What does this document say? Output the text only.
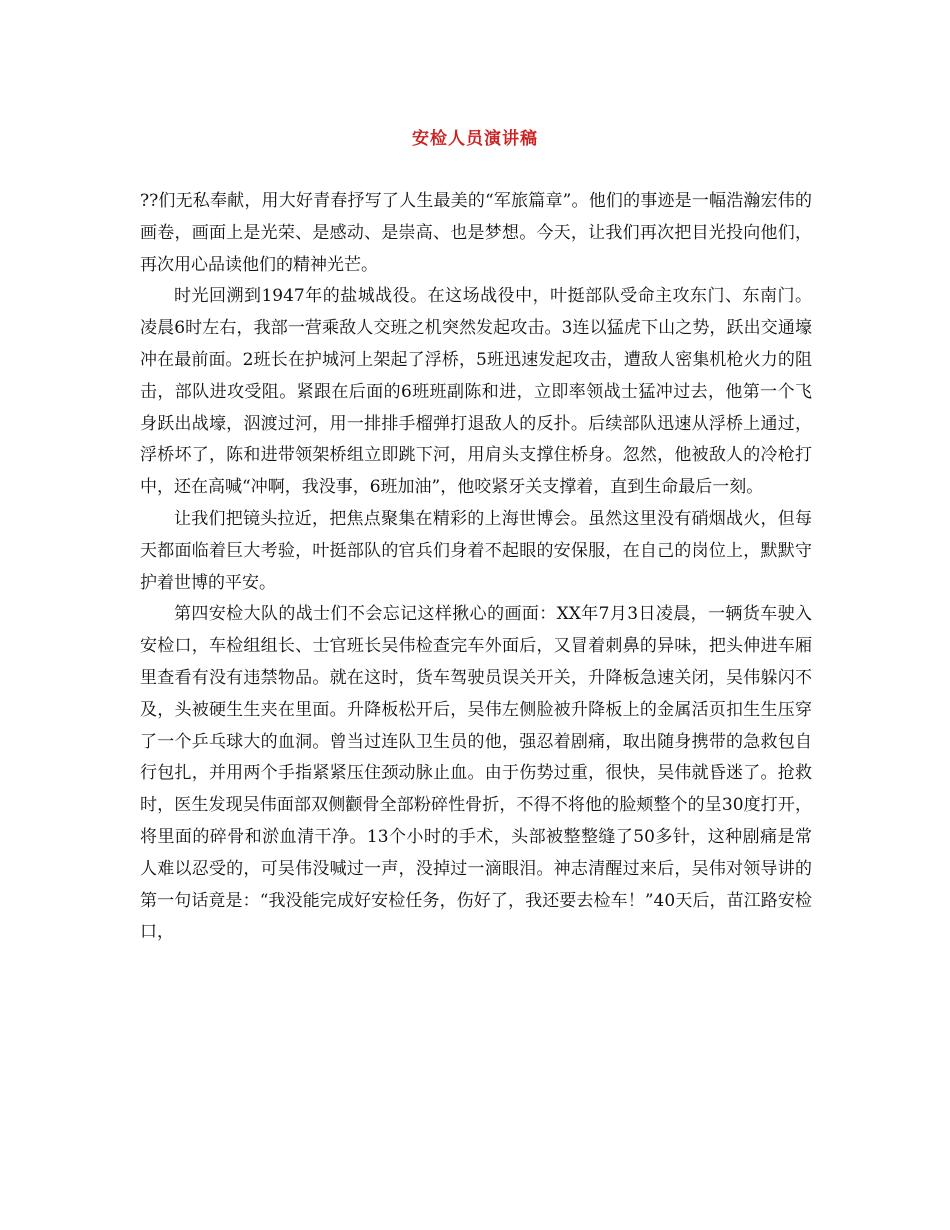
安检人员演讲稿

??们无私奉献，用大好青春抒写了人生最美的“军旅篇章”。他们的事迹是一幅浩瀚宏伟的画卷，画面上是光荣、是感动、是崇高、也是梦想。今天，让我们再次把目光投向他们，再次用心品读他们的精神光芒。

时光回溯到1947年的盐城战役。在这场战役中，叶挺部队受命主攻东门、东南门。凌晨6时左右，我部一营乘敌人交班之机突然发起攻击。3连以猛虎下山之势，跃出交通壕冲在最前面。2班长在护城河上架起了浮桥，5班迅速发起攻击，遭敌人密集机枪火力的阻击，部队进攻受阻。紧跟在后面的6班班副陈和进，立即率领战士猛冲过去，他第一个飞身跃出战壕，泅渡过河，用一排排手榴弹打退敌人的反扑。后续部队迅速从浮桥上通过，浮桥坏了，陈和进带领架桥组立即跳下河，用肩头支撑住桥身。忽然，他被敌人的冷枪打中，还在高喊“冲啊，我没事，6班加油”，他咬紧牙关支撑着，直到生命最后一刻。

让我们把镜头拉近，把焦点聚集在精彩的上海世博会。虽然这里没有硝烟战火，但每天都面临着巨大考验，叶挺部队的官兵们身着不起眼的安保服，在自己的岗位上，默默守护着世博的平安。

第四安检大队的战士们不会忘记这样揪心的画面：XX年7月3日凌晨，一辆货车驶入安检口，车检组组长、士官班长吴伟检查完车外面后，又冒着刺鼻的异味，把头伸进车厢里查看有没有违禁物品。就在这时，货车驾驶员误关开关，升降板急速关闭，吴伟躲闪不及，头被硬生生夹在里面。升降板松开后，吴伟左侧脸被升降板上的金属活页扣生生压穿了一个乒乓球大的血洞。曾当过连队卫生员的他，强忍着剧痛，取出随身携带的急救包自行包扎，并用两个手指紧紧压住颈动脉止血。由于伤势过重，很快，吴伟就昏迷了。抢救时，医生发现吴伟面部双侧颧骨全部粉碎性骨折，不得不将他的脸颊整个的呈30度打开，将里面的碎骨和淤血清干净。13个小时的手术，头部被整整缝了50多针，这种剧痛是常人难以忍受的，可吴伟没喊过一声，没掉过一滴眼泪。神志清醒过来后，吴伟对领导讲的第一句话竟是：“我没能完成好安检任务，伤好了，我还要去检车！”40天后，苗江路安检口，
